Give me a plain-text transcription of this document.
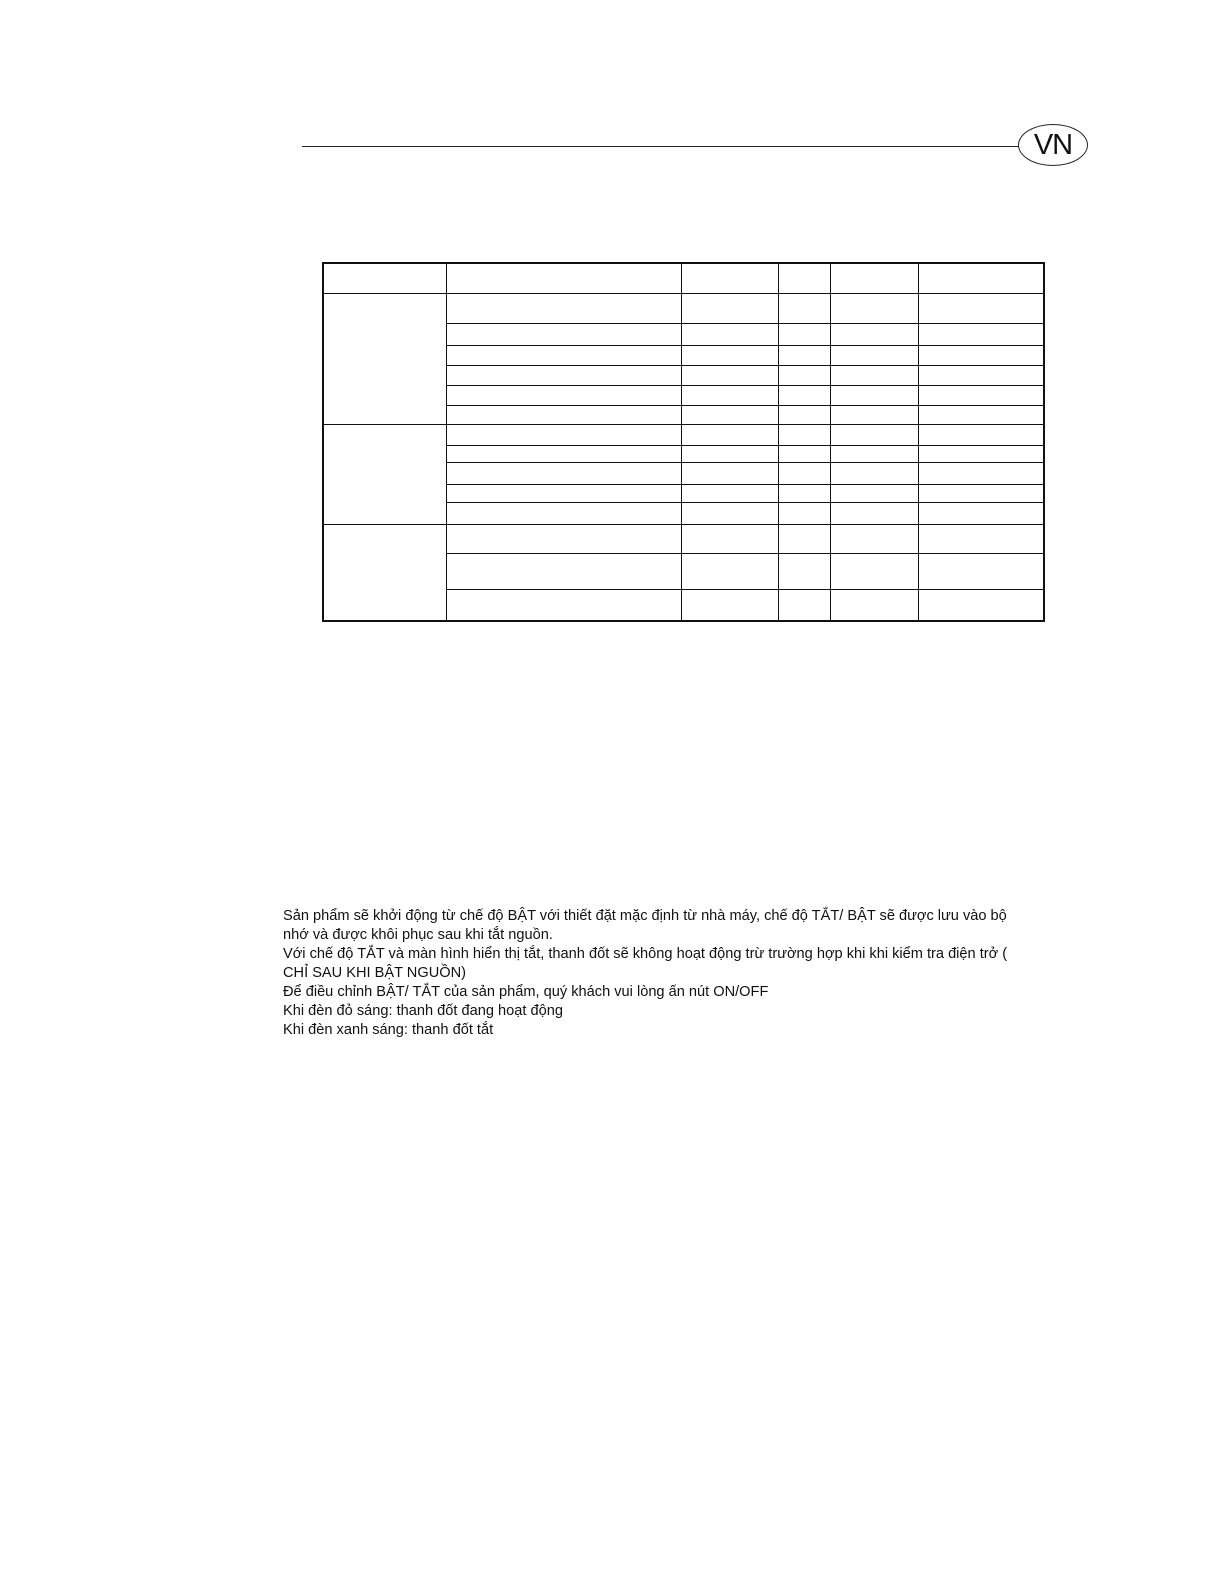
VN

Sản phẩm sẽ khởi động từ chế độ BẬT với thiết đặt mặc định từ nhà máy, chế độ TẮT/ BẬT sẽ được lưu vào bộ nhớ và được khôi phục sau khi tắt nguồn.

Với chế độ TẮT và màn hình hiển thị tắt, thanh đốt sẽ không hoạt động trừ trường hợp khi khi kiểm tra điện trở ( CHỈ SAU KHI BẬT NGUỒN)

Để điều chỉnh BẬT/ TẮT của sản phẩm, quý khách vui lòng ấn nút ON/OFF

Khi đèn đỏ sáng: thanh đốt đang hoạt động

Khi đèn xanh sáng: thanh đốt tắt
